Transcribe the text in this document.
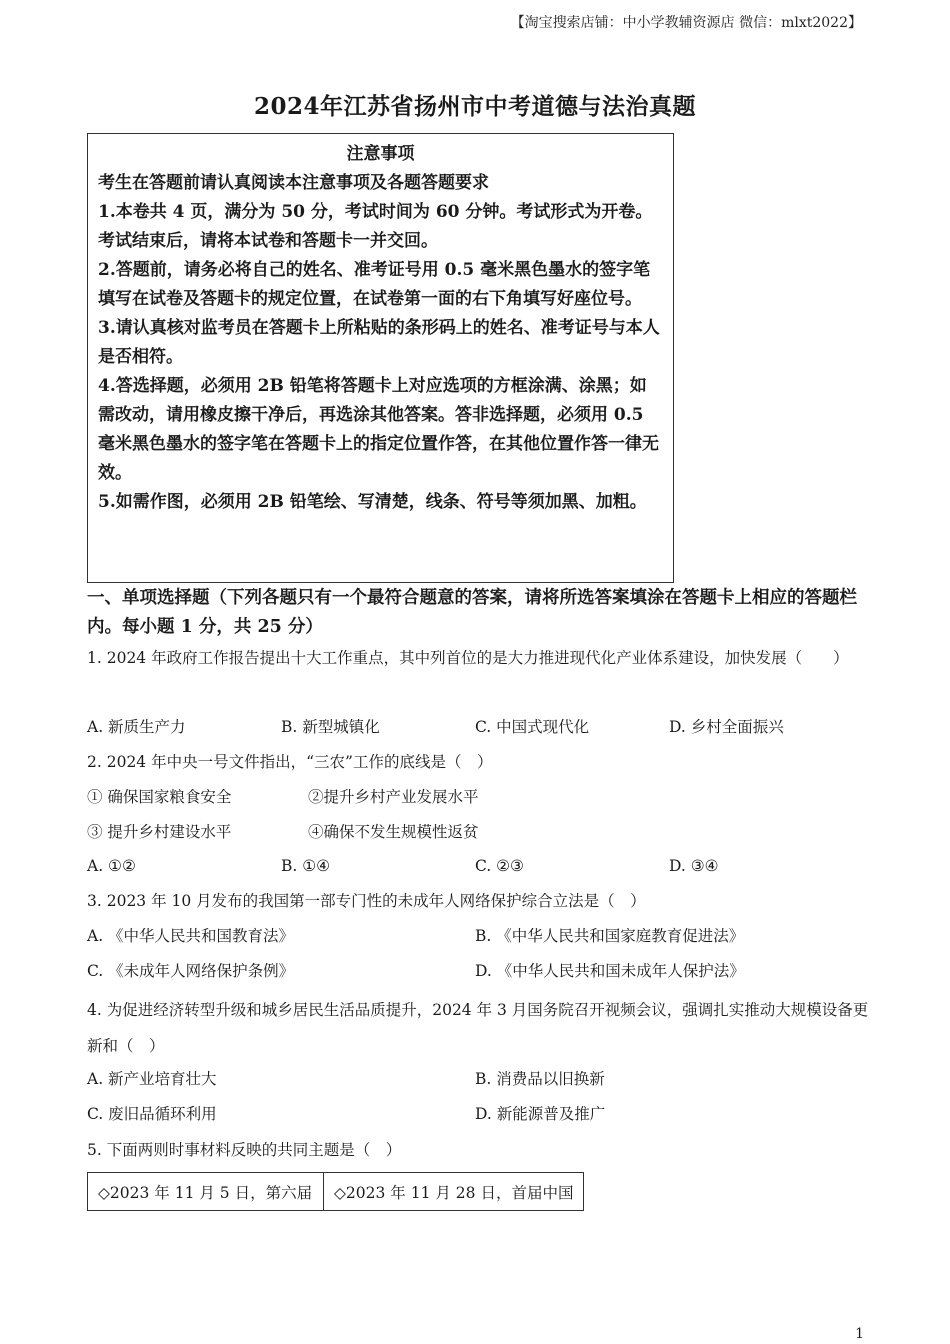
【淘宝搜索店铺：中小学教辅资源店 微信：mlxt2022】
2024年江苏省扬州市中考道德与法治真题
注意事项

考生在答题前请认真阅读本注意事项及各题答题要求

1.本卷共 4 页，满分为 50 分，考试时间为 60 分钟。考试形式为开卷。考试结束后，请将本试卷和答题卡一并交回。

2.答题前，请务必将自己的姓名、准考证号用 0.5 毫米黑色墨水的签字笔填写在试卷及答题卡的规定位置，在试卷第一面的右下角填写好座位号。

3.请认真核对监考员在答题卡上所粘贴的条形码上的姓名、准考证号与本人是否相符。

4.答选择题，必须用 2B 铅笔将答题卡上对应选项的方框涂满、涂黑；如需改动，请用橡皮擦干净后，再选涂其他答案。答非选择题，必须用 0.5 毫米黑色墨水的签字笔在答题卡上的指定位置作答，在其他位置作答一律无效。

5.如需作图，必须用 2B 铅笔绘、写清楚，线条、符号等须加黑、加粗。

一、单项选择题（下列各题只有一个最符合题意的答案，请将所选答案填涂在答题卡上相应的答题栏内。每小题 1 分，共 25 分）
1. 2024 年政府工作报告提出十大工作重点，其中列首位的是大力推进现代化产业体系建设，加快发展（　　）
A. 新质生产力	B. 新型城镇化	C. 中国式现代化	D. 乡村全面振兴
2. 2024 年中央一号文件指出，“三农”工作的底线是（　）
① 确保国家粮食安全	②提升乡村产业发展水平
③ 提升乡村建设水平	④确保不发生规模性返贫
A. ①②	B. ①④	C. ②③	D. ③④
3. 2023 年 10 月发布的我国第一部专门性的未成年人网络保护综合立法是（　）
A. 《中华人民共和国教育法》	B. 《中华人民共和国家庭教育促进法》
C. 《未成年人网络保护条例》	D. 《中华人民共和国未成年人保护法》
4. 为促进经济转型升级和城乡居民生活品质提升，2024 年 3 月国务院召开视频会议，强调扎实推动大规模设备更新和（　）
A. 新产业培育壮大	B. 消费品以旧换新
C. 废旧品循环利用	D. 新能源普及推广
5. 下面两则时事材料反映的共同主题是（　）
◇2023 年 11 月 5 日，第六届	◇2023 年 11 月 28 日，首届中国
1
